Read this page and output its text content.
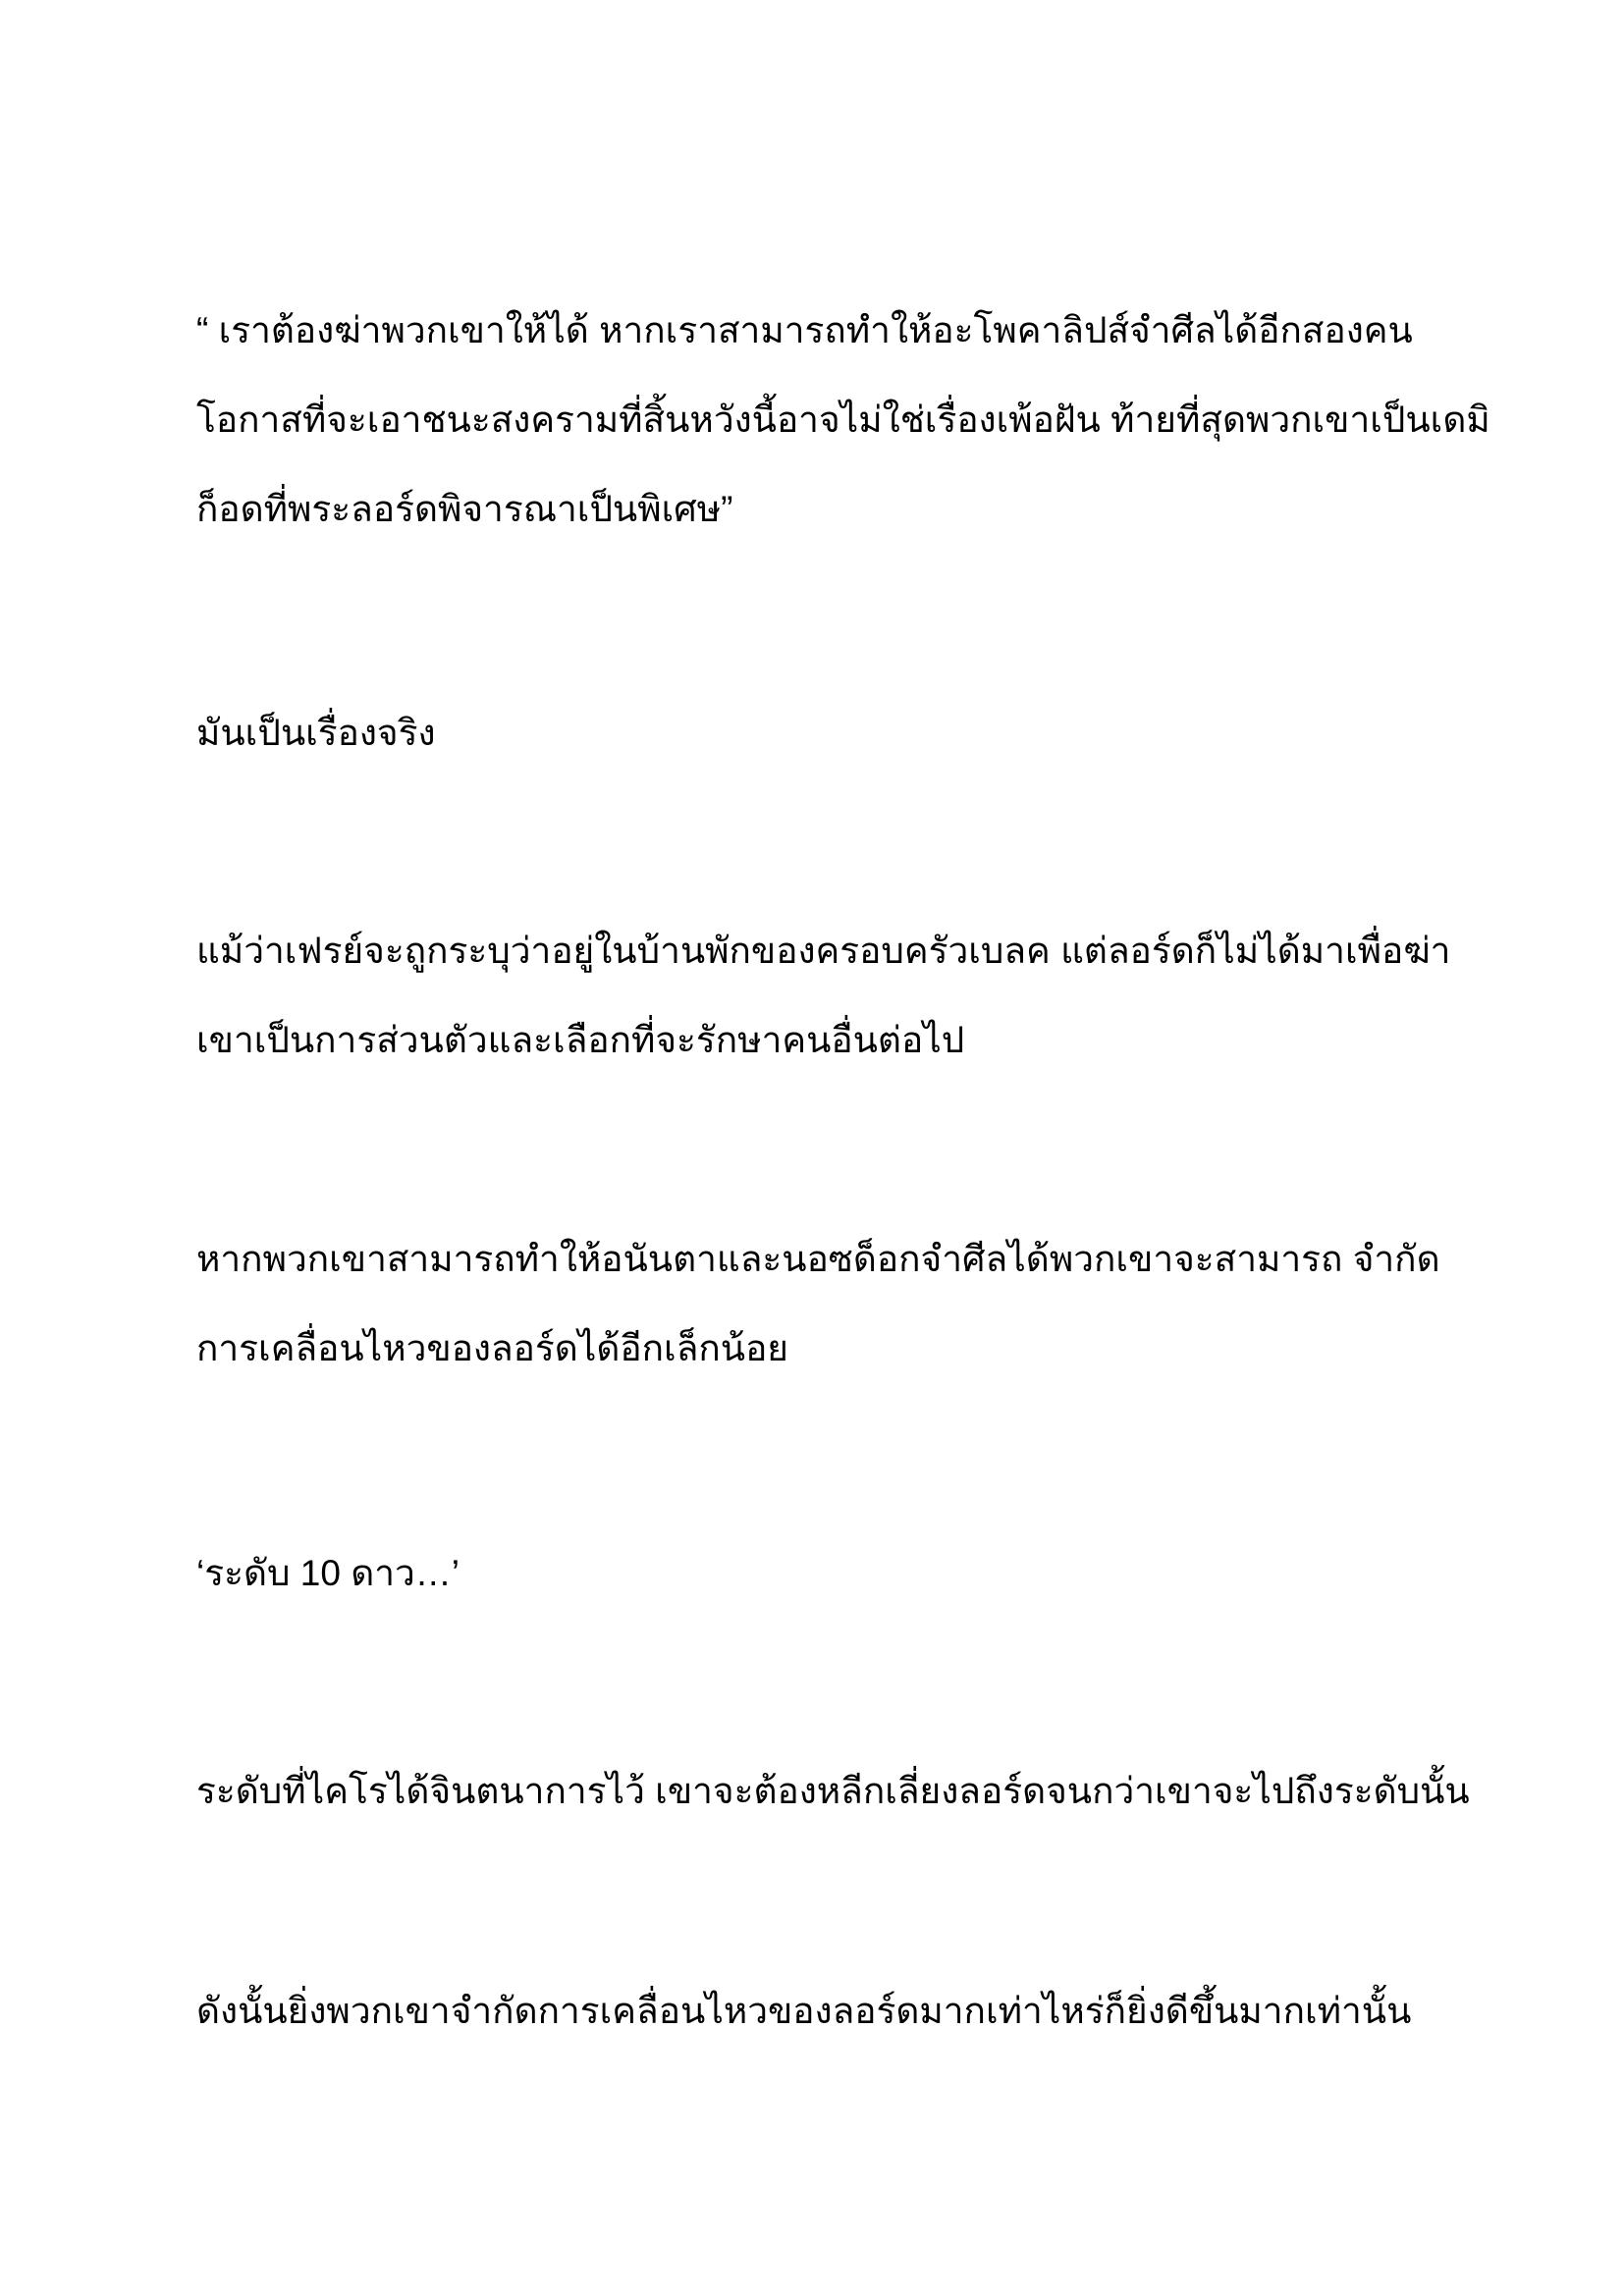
“ เราต้องฆ่าพวกเขาให้ได้ หากเราสามารถทำให้อะโพคาลิปส์จำศีลได้อีกสองคน
โอกาสที่จะเอาชนะสงครามที่สิ้นหวังนี้อาจไม่ใช่เรื่องเพ้อฝัน ท้ายที่สุดพวกเขาเป็นเดมิ
ก็อดที่พระลอร์ดพิจารณาเป็นพิเศษ”
มันเป็นเรื่องจริง
แม้ว่าเฟรย์จะถูกระบุว่าอยู่ในบ้านพักของครอบครัวเบลค แต่ลอร์ดก็ไม่ได้มาเพื่อฆ่า
เขาเป็นการส่วนตัวและเลือกที่จะรักษาคนอื่นต่อไป
หากพวกเขาสามารถทำให้อนันตาและนอซด็อกจำศีลได้พวกเขาจะสามารถ จำกัด
การเคลื่อนไหวของลอร์ดได้อีกเล็กน้อย
‘ระดับ 10 ดาว…’
ระดับที่ไคโรได้จินตนาการไว้ เขาจะต้องหลีกเลี่ยงลอร์ดจนกว่าเขาจะไปถึงระดับนั้น
ดังนั้นยิ่งพวกเขาจำกัดการเคลื่อนไหวของลอร์ดมากเท่าไหร่ก็ยิ่งดีขึ้นมากเท่านั้น
